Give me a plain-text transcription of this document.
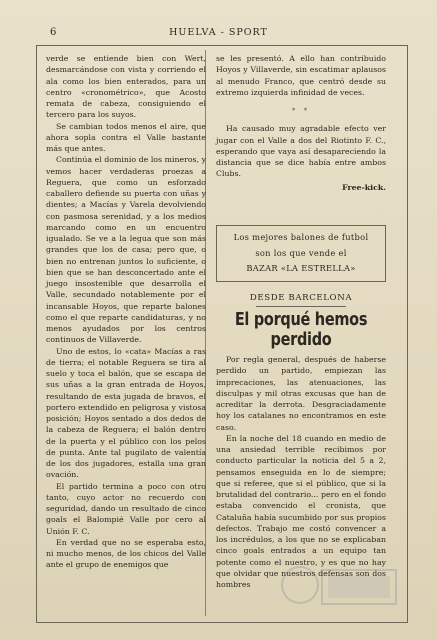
6	HUELVA - SPORT

verde se entiende bien con Wert, desmarcándose con vista y corriendo el ala como los bien enterados, para un centro «cronométrico», que Acosto remata de cabeza, consiguiendo el tercero para los suyos.

Se cambian todos menos el aire, que ahora sopla contra el Valle bastante más que antes.

Continúa el dominio de los mineros, y vemos hacer verdaderas proezas a Reguera, que como un esforzado caballero defiende su puerta con uñas y dientes; a Macías y Varela devolviendo con pasmosa serenidad, y a los medios marcando como en un encuentro igualado. Se ve a la legua que son más grandes que los de casa; pero que, o bien no entrenan juntos lo suficiente, o bien que se han desconcertado ante el juego insostenible que desarrolla el Valle, secundado notablemente por el incansable Hoyos, que reparte balones como el que reparte candidaturas, y no menos ayudados por los centros continuos de Villaverde.

Uno de estos, lo «cata» Macías a ras de tierra; el notable Reguera se tira al suelo y toca el balón, que se escapa de sus uñas a la gran entrada de Hoyos, resultando de esta jugada de bravos, el portero extendido en peligrosa y vistosa posición; Hoyos sentado a dos dedos de la cabeza de Reguera; el balón dentro de la puerta y el público con los pelos de punta. Ante tal pugilato de valentía de los dos jugadores, estalla una gran ovación.

El partido termina a poco con otro tanto, cuyo actor no recuerdo con seguridad, dando un resultado de cinco goals el Balompié Valle por cero al Unión F. C.

En verdad que no se esperaba esto, ni mucho menos, de los chicos del Valle ante el grupo de enemigos que

se les presentó. A ello han contribuido Hoyos y Villaverde, sin escatimar aplausos al menudo Franco, que centró desde su extremo izquierda infinidad de veces.

* *

Ha causado muy agradable efecto ver jugar con el Valle a dos del Riotinto F. C., esperando que vaya así desapareciendo la distancia que se dice había entre ambos Clubs.

Free-kick.
Los mejores balones de futbol
son los que vende el
BAZAR «LA ESTRELLA»
DESDE BARCELONA
El porqué hemos perdido

Por regla general, después de haberse perdido un partido, empiezan las imprecaciones, las atenuaciones, las disculpas y mil otras excusas que han de acreditar la derrota. Desgraciadamente hoy los catalanes no encontramos en este caso.

En la noche del 18 cuando en medio de una ansiedad terrible recibimos por conducto particular la noticia del 5 a 2, pensamos enseguida en lo de siempre; que si referee, que si el público, que si la brutalidad del contrario... pero en el fondo estaba convencido el cronista, que Cataluña había sucumbido por sus propios defectos. Trabajo me costó convencer a los incrédulos, a los que no se explicaban cinco goals entrados a un equipo tan potente como el nuestro, y es que no hay que olvidar que nuestros defensas son dos hombres
